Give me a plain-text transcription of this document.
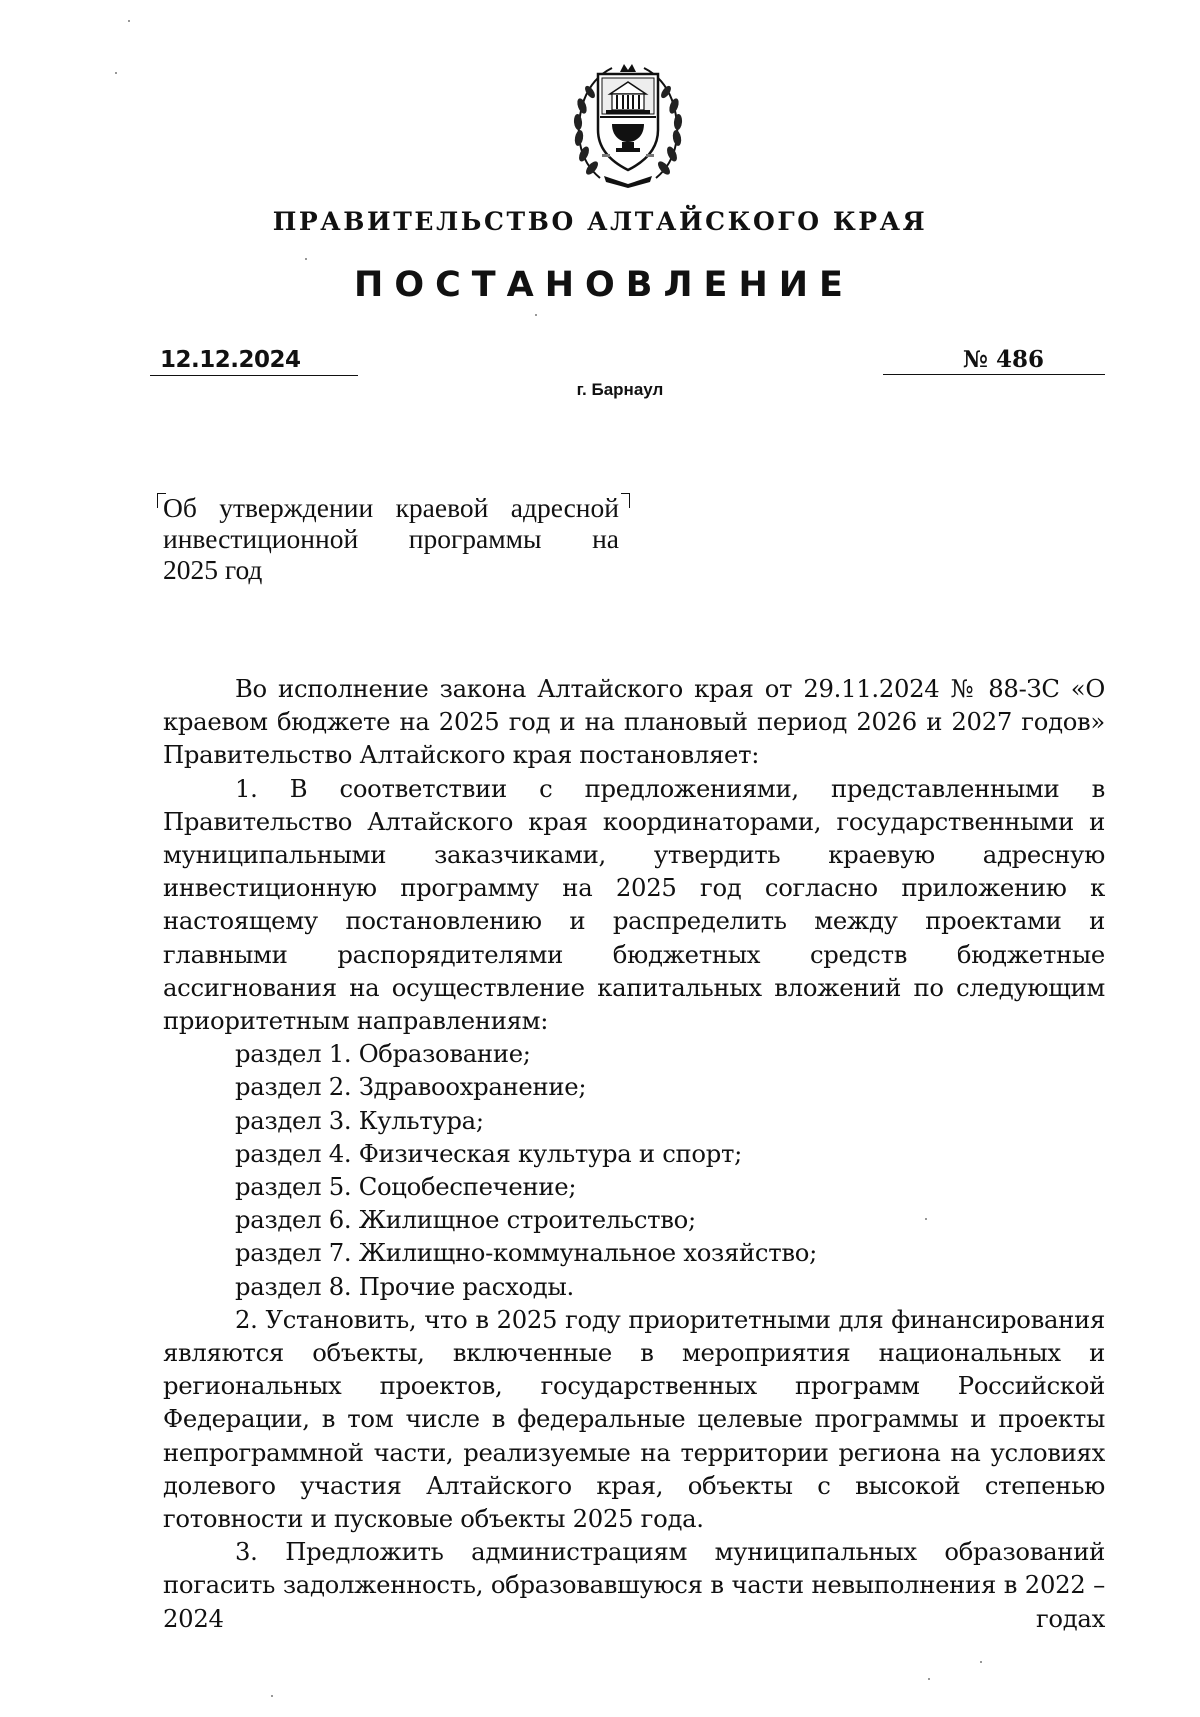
ПРАВИТЕЛЬСТВО АЛТАЙСКОГО КРАЯ
ПОСТАНОВЛЕНИЕ
12.12.2024	№ 486
г. Барнаул
Об утверждении краевой адресной
инвестиционной программы на
2025 год

Во исполнение закона Алтайского края от 29.11.2024 № 88-ЗС «О краевом бюджете на 2025 год и на плановый период 2026 и 2027 годов» Правительство Алтайского края постановляет:

1. В соответствии с предложениями, представленными в Правительство Алтайского края координаторами, государственными и муниципальными заказчиками, утвердить краевую адресную инвестиционную программу на 2025 год согласно приложению к настоящему постановлению и распределить между проектами и главными распорядителями бюджетных средств бюджетные ассигнования на осуществление капитальных вложений по следующим приоритетным направлениям:

раздел 1. Образование;

раздел 2. Здравоохранение;

раздел 3. Культура;

раздел 4. Физическая культура и спорт;

раздел 5. Соцобеспечение;

раздел 6. Жилищное строительство;

раздел 7. Жилищно-коммунальное хозяйство;

раздел 8. Прочие расходы.

2. Установить, что в 2025 году приоритетными для финансирования являются объекты, включенные в мероприятия национальных и региональных проектов, государственных программ Российской Федерации, в том числе в федеральные целевые программы и проекты непрограммной части, реализуемые на территории региона на условиях долевого участия Алтайского края, объекты с высокой степенью готовности и пусковые объекты 2025 года.

3. Предложить администрациям муниципальных образований погасить задолженность, образовавшуюся в части невыполнения в 2022 – 2024 годах
